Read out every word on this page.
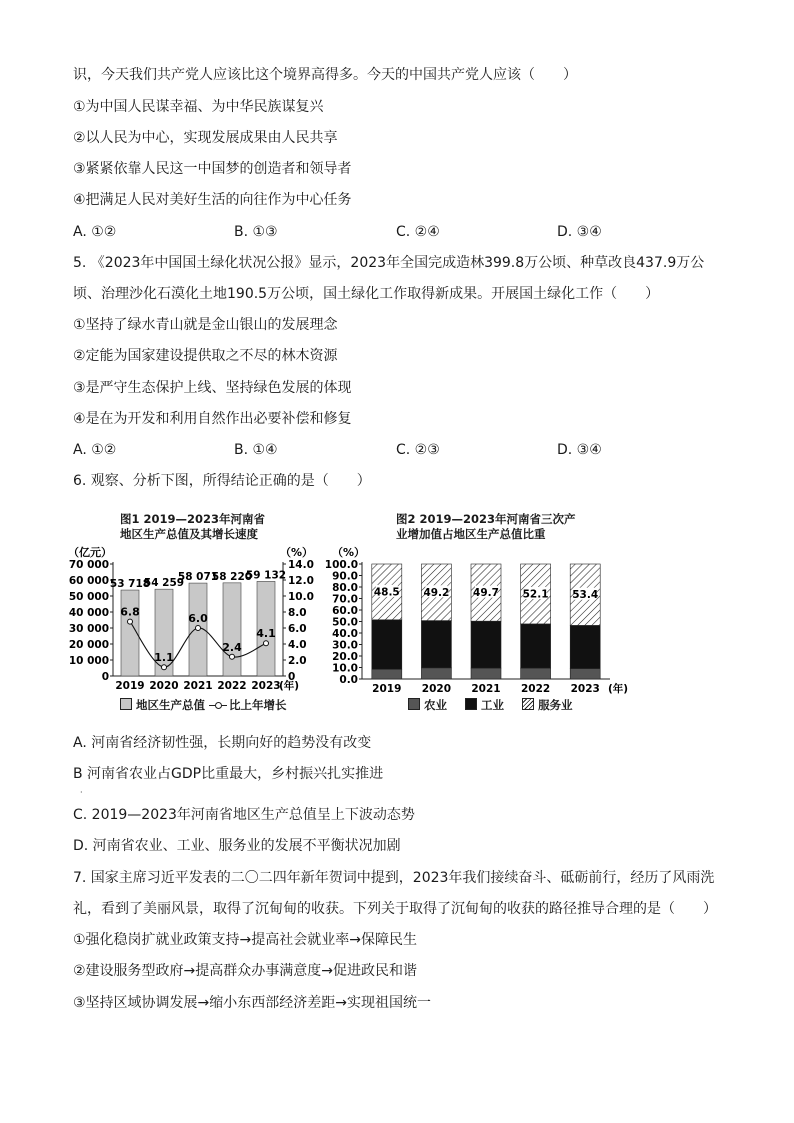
识，今天我们共产党人应该比这个境界高得多。今天的中国共产党人应该（　　）
①为中国人民谋幸福、为中华民族谋复兴
②以人民为中心，实现发展成果由人民共享
③紧紧依靠人民这一中国梦的创造者和领导者
④把满足人民对美好生活的向往作为中心任务
A. ①②	B. ①③	C. ②④	D. ③④
5. 《2023年中国国土绿化状况公报》显示，2023年全国完成造林399.8万公顷、种草改良437.9万公
顷、治理沙化石漠化土地190.5万公顷，国土绿化工作取得新成果。开展国土绿化工作（　　）
①坚持了绿水青山就是金山银山的发展理念
②定能为国家建设提供取之不尽的林木资源
③是严守生态保护上线、坚持绿色发展的体现
④是在为开发和利用自然作出必要补偿和修复
A. ①②	B. ①④	C. ②③	D. ③④
6. 观察、分析下图，所得结论正确的是（　　）
图1 2019—2023年河南省
地区生产总值及其增长速度
（亿元）	（%）
0
10 000
20 000
30 000
40 000
50 000
60 000
70 000
0
2.0
4.0
6.0
8.0
10.0
12.0
14.0
53 718
2019
54 259
2020
58 071
2021
58 220
2022
59 132
2023
(年)
6.8
1.1
6.0
2.4
4.1
地区生产总值 比上年增长
图2 2019—2023年河南省三次产
业增加值占地区生产总值比重
（%）
0.0
10.0
20.0
30.0
40.0
50.0
60.0
70.0
80.0
90.0
100.0
48.5
2019
49.2
2020
49.7
2021
52.1
2022
53.4
2023 (年)
农业	工业	服务业
A. 河南省经济韧性强，长期向好的趋势没有改变
B 河南省农业占GDP比重最大，乡村振兴扎实推进
·
C. 2019—2023年河南省地区生产总值呈上下波动态势
D. 河南省农业、工业、服务业的发展不平衡状况加剧
7. 国家主席习近平发表的二〇二四年新年贺词中提到，2023年我们接续奋斗、砥砺前行，经历了风雨洗
礼，看到了美丽风景，取得了沉甸甸的收获。下列关于取得了沉甸甸的收获的路径推导合理的是（　　）
①强化稳岗扩就业政策支持→提高社会就业率→保障民生
②建设服务型政府→提高群众办事满意度→促进政民和谐
③坚持区域协调发展→缩小东西部经济差距→实现祖国统一
